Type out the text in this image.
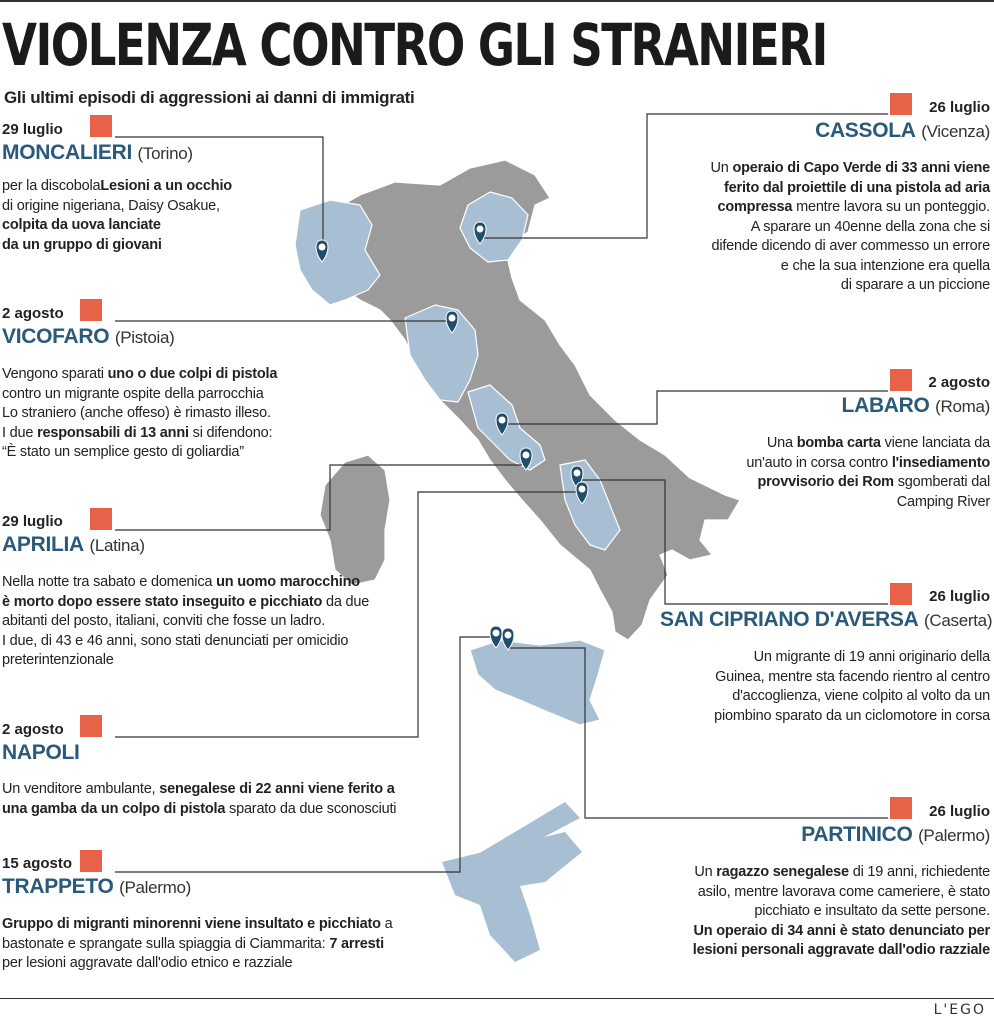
VIOLENZA CONTRO GLI STRANIERI
Gli ultimi episodi di aggressioni ai danni di immigrati
29 luglio
MONCALIERI (Torino)
per la discobolaLesioni a un occhio
di origine nigeriana, Daisy Osakue,
colpita da uova lanciate
da un gruppo di giovani
2 agosto
VICOFARO (Pistoia)
Vengono sparati uno o due colpi di pistola
contro un migrante ospite della parrocchia
Lo straniero (anche offeso) è rimasto illeso.
I due responsabili di 13 anni si difendono:
“È stato un semplice gesto di goliardia”
29 luglio
APRILIA (Latina)
Nella notte tra sabato e domenica un uomo marocchino
è morto dopo essere stato inseguito e picchiato da due
abitanti del posto, italiani, conviti che fosse un ladro.
I due, di 43 e 46 anni, sono stati denunciati per omicidio
preterintenzionale
2 agosto
NAPOLI
Un venditore ambulante, senegalese di 22 anni viene ferito a
una gamba da un colpo di pistola sparato da due sconosciuti
15 agosto
TRAPPETO (Palermo)
Gruppo di migranti minorenni viene insultato e picchiato a
bastonate e sprangate sulla spiaggia di Ciammarita: 7 arresti
per lesioni aggravate dall'odio etnico e razziale
26 luglio
CASSOLA (Vicenza)
Un operaio di Capo Verde di 33 anni viene
ferito dal proiettile di una pistola ad aria
compressa mentre lavora su un ponteggio.
A sparare un 40enne della zona che si
difende dicendo di aver commesso un errore
e che la sua intenzione era quella
di sparare a un piccione
2 agosto
LABARO (Roma)
Una bomba carta viene lanciata da
un'auto in corsa contro l'insediamento
provvisorio dei Rom sgomberati dal
Camping River
26 luglio
SAN CIPRIANO D'AVERSA (Caserta)
Un migrante di 19 anni originario della
Guinea, mentre sta facendo rientro al centro
d'accoglienza, viene colpito al volto da un
piombino sparato da un ciclomotore in corsa
26 luglio
PARTINICO (Palermo)
Un ragazzo senegalese di 19 anni, richiedente
asilo, mentre lavorava come cameriere, è stato
picchiato e insultato da sette persone.
Un operaio di 34 anni è stato denunciato per
lesioni personali aggravate dall'odio razziale
L'EGO
